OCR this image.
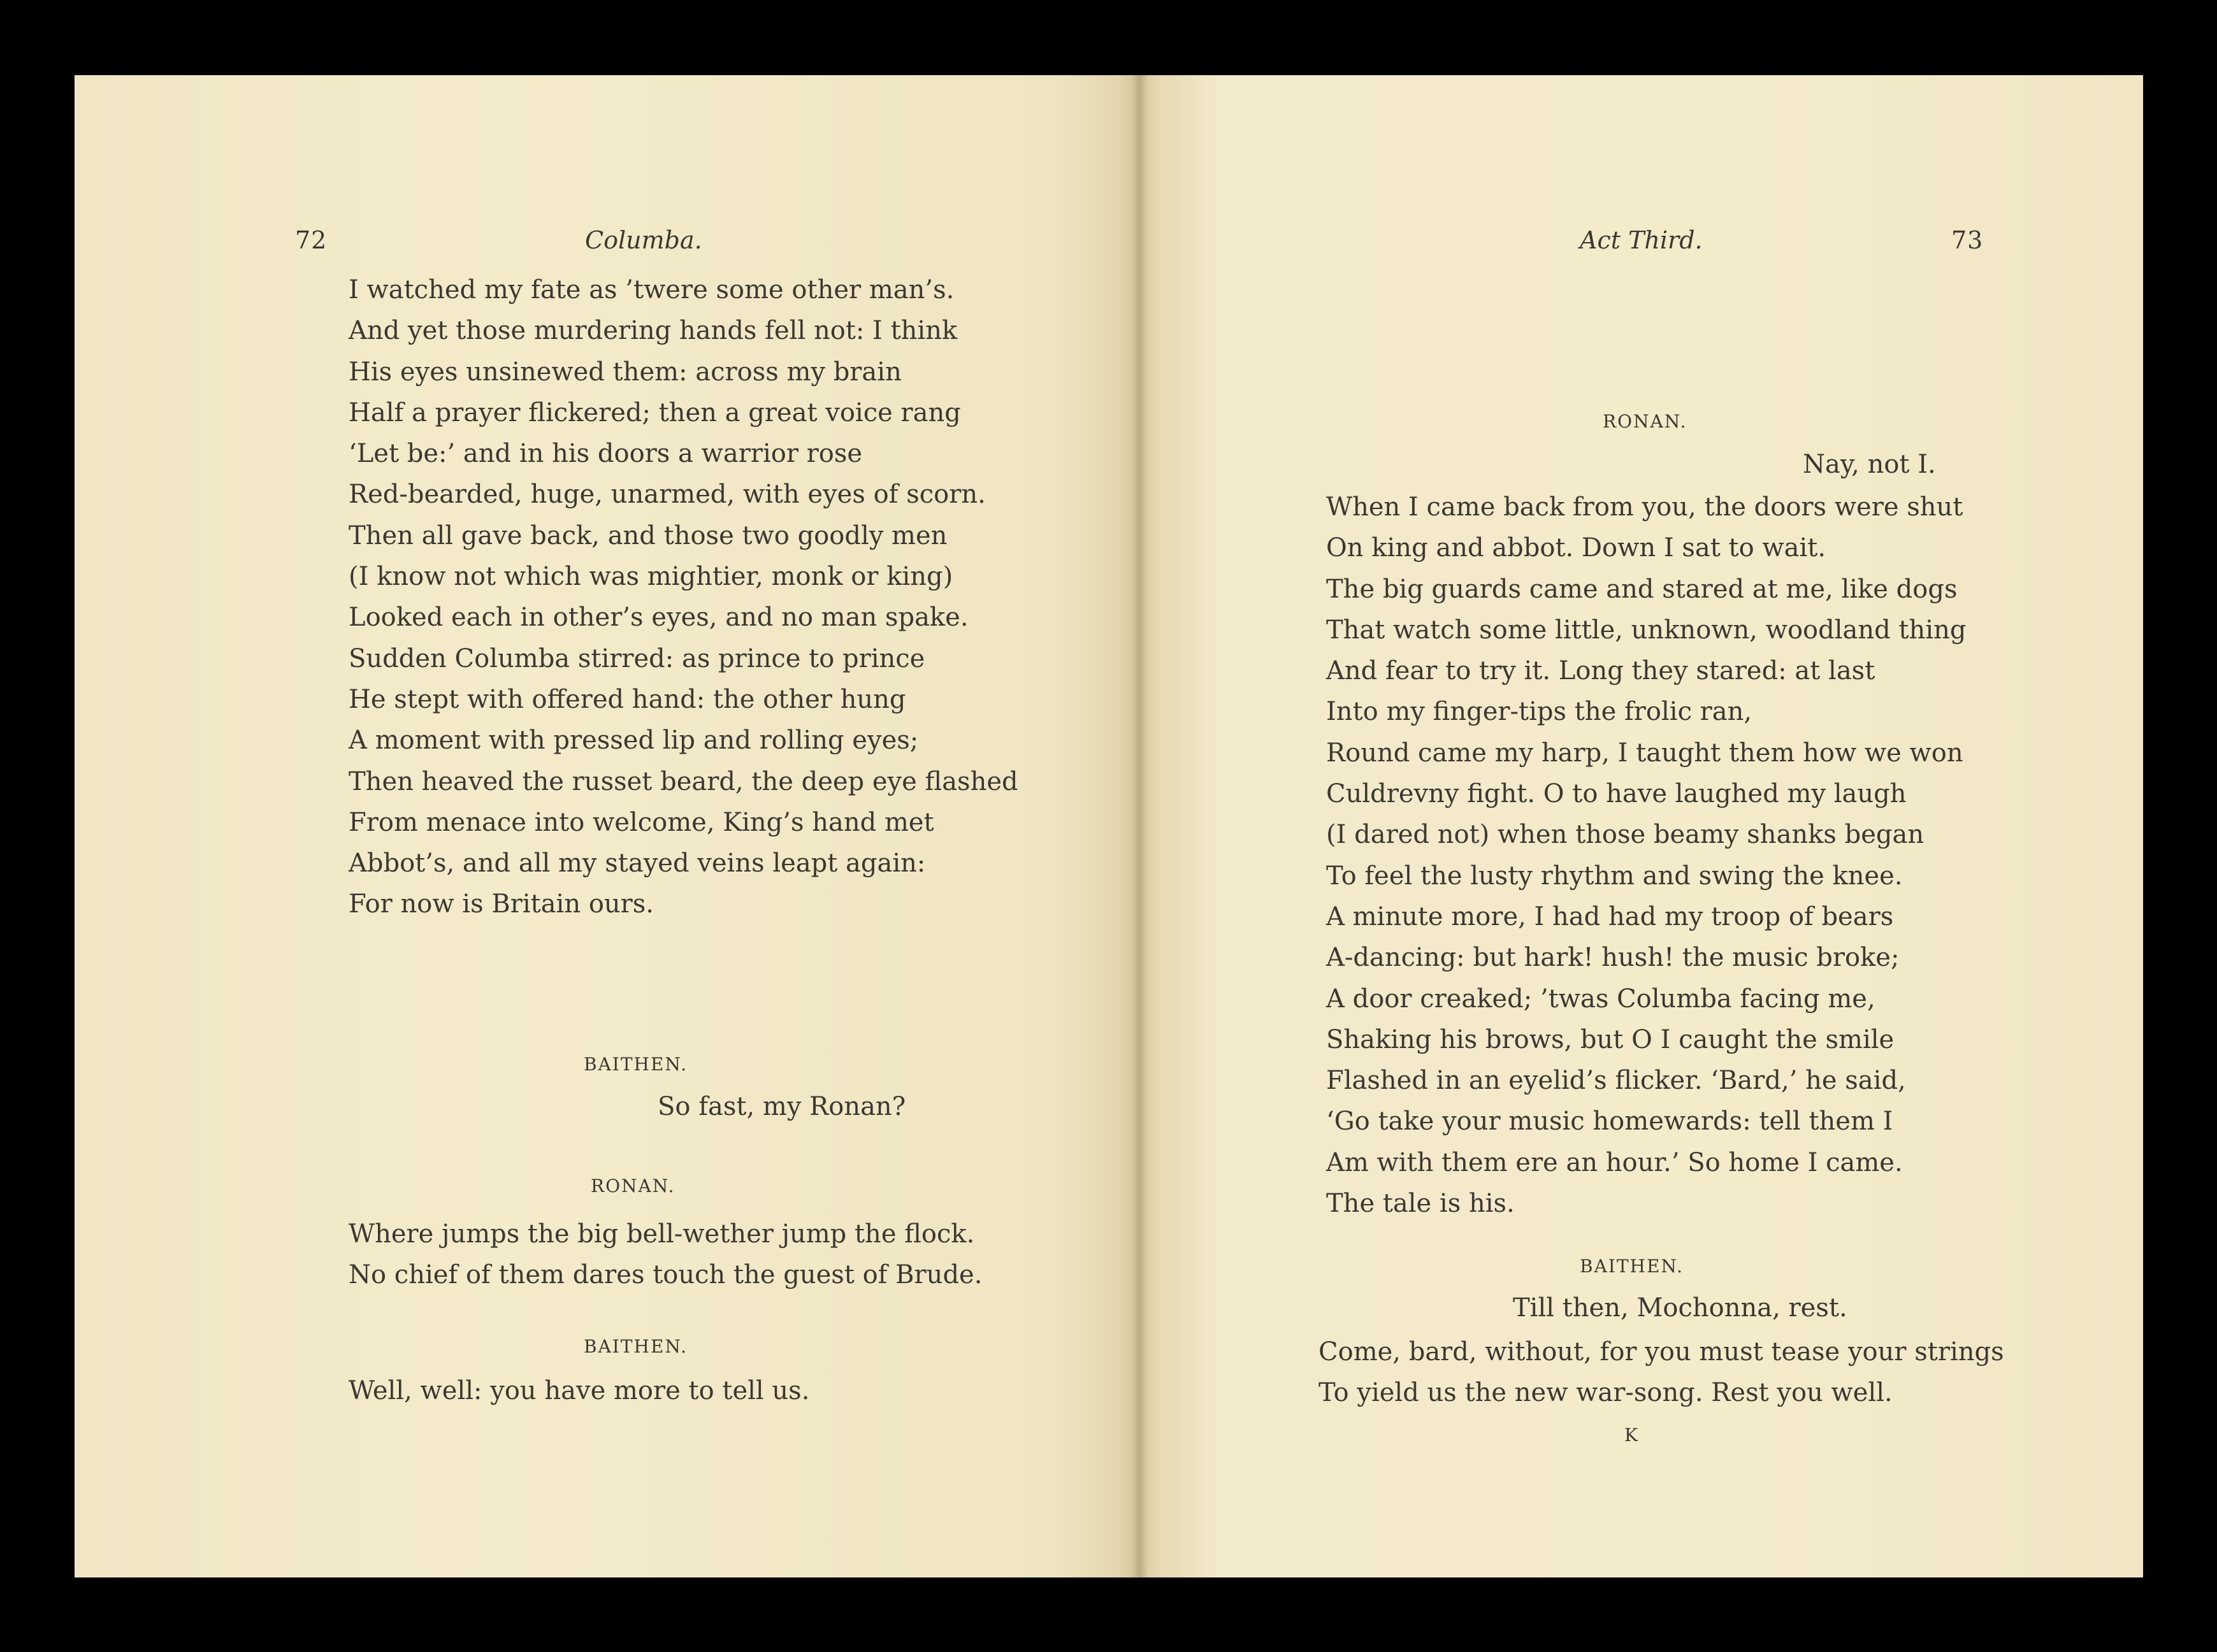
72	Columba.
I watched my fate as ’twere some other man’s.
And yet those murdering hands fell not: I think
His eyes unsinewed them: across my brain
Half a prayer flickered; then a great voice rang
‘Let be:’ and in his doors a warrior rose
Red-bearded, huge, unarmed, with eyes of scorn.
Then all gave back, and those two goodly men
(I know not which was mightier, monk or king)
Looked each in other’s eyes, and no man spake.
Sudden Columba stirred: as prince to prince
He stept with offered hand: the other hung
A moment with pressed lip and rolling eyes;
Then heaved the russet beard, the deep eye flashed
From menace into welcome, King’s hand met
Abbot’s, and all my stayed veins leapt again:
For now is Britain ours.
BAITHEN.
So fast, my Ronan?
RONAN.
Where jumps the big bell-wether jump the flock.
No chief of them dares touch the guest of Brude.
BAITHEN.
Well, well: you have more to tell us.
Act Third.	73
RONAN.
Nay, not I.
When I came back from you, the doors were shut
On king and abbot. Down I sat to wait.
The big guards came and stared at me, like dogs
That watch some little, unknown, woodland thing
And fear to try it. Long they stared: at last
Into my finger-tips the frolic ran,
Round came my harp, I taught them how we won
Culdrevny fight. O to have laughed my laugh
(I dared not) when those beamy shanks began
To feel the lusty rhythm and swing the knee.
A minute more, I had had my troop of bears
A-dancing: but hark! hush! the music broke;
A door creaked; ’twas Columba facing me,
Shaking his brows, but O I caught the smile
Flashed in an eyelid’s flicker. ‘Bard,’ he said,
‘Go take your music homewards: tell them I
Am with them ere an hour.’ So home I came.
The tale is his.
BAITHEN.
Till then, Mochonna, rest.
Come, bard, without, for you must tease your strings
To yield us the new war-song. Rest you well.
K
